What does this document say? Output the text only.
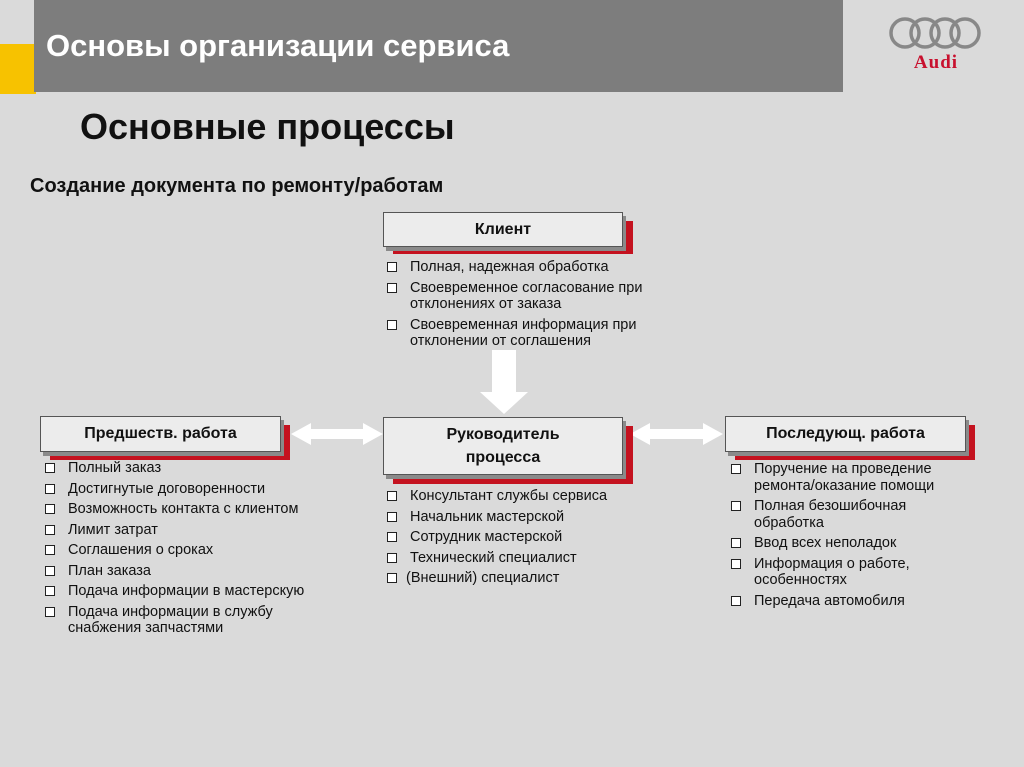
Основы организации сервиса	Audi
Основные процессы
Создание документа по ремонту/работам
Клиент
Полная, надежная обработка
Своевременное согласование при отклонениях от заказа
Своевременная информация при отклонении от соглашения
Предшеств. работа
Полный заказ
Достигнутые договоренности
Возможность контакта с клиентом
Лимит затрат
Соглашения о сроках
План заказа
Подача информации в мастерскую
Подача информации в службу снабжения запчастями
Руководитель
процесса
Консультант службы сервиса
Начальник мастерской
Сотрудник мастерской
Технический специалист
(Внешний) специалист
Последующ. работа
Поручение на проведение ремонта/оказание помощи
Полная безошибочная обработка
Ввод всех неполадок
Информация о работе, особенностях
Передача автомобиля
